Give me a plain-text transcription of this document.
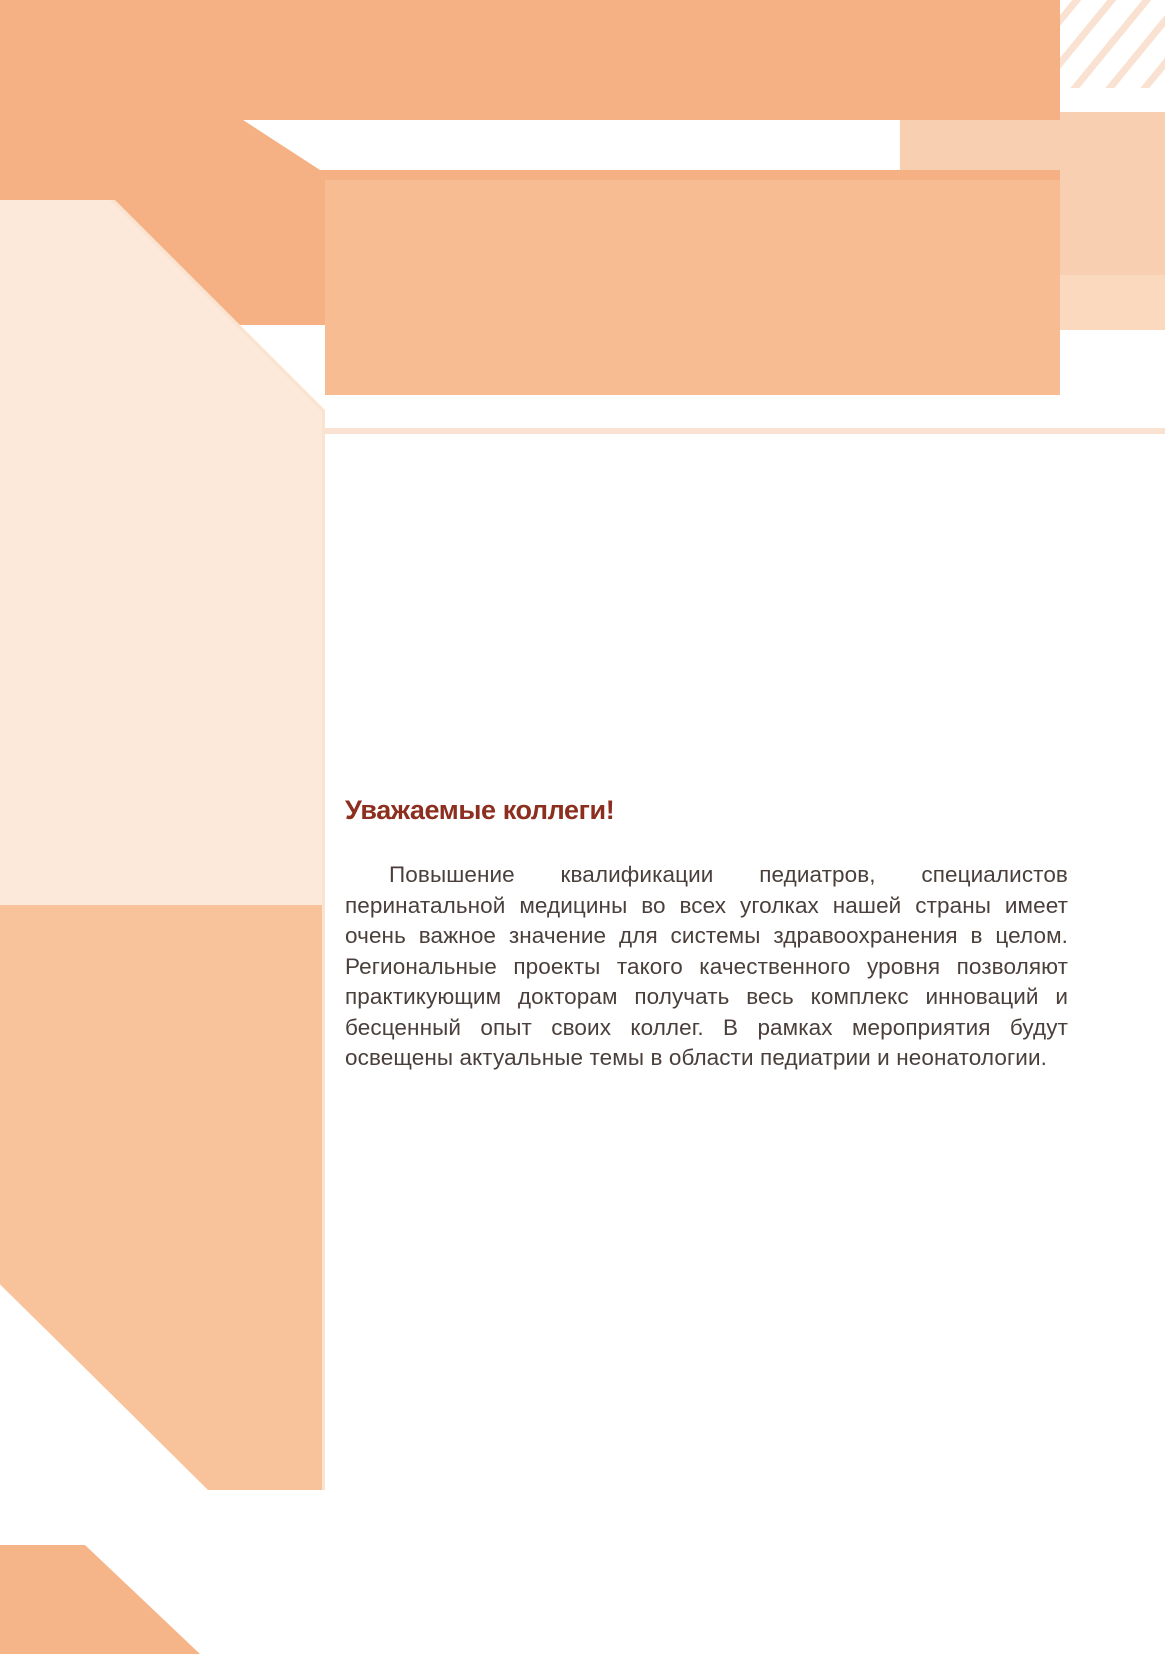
Уважаемые коллеги!

Повышение квалификации педиатров, специалистов перинатальной медицины во всех уголках нашей страны имеет очень важное значение для системы здравоохранения в целом. Региональные проекты такого качественного уровня позволяют практикующим докторам получать весь комплекс инноваций и бесценный опыт своих коллег. В рамках мероприятия будут освещены актуальные темы в области педиатрии и неонатологии.
